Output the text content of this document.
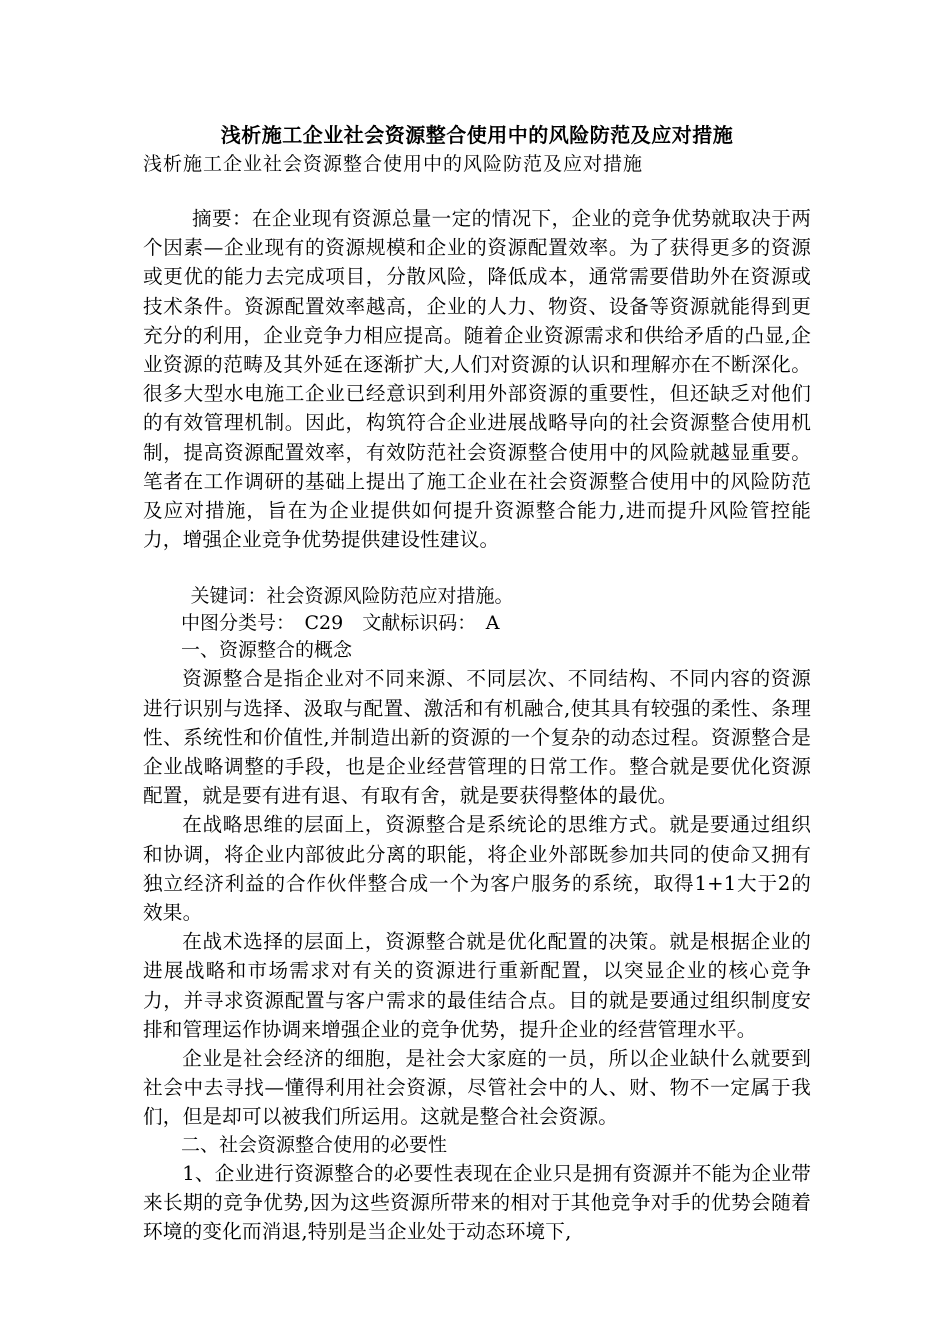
浅析施工企业社会资源整合使用中的风险防范及应对措施
浅析施工企业社会资源整合使用中的风险防范及应对措施

摘要：在企业现有资源总量一定的情况下，企业的竞争优势就取决于两个因素—企业现有的资源规模和企业的资源配置效率。为了获得更多的资源或更优的能力去完成项目，分散风险，降低成本，通常需要借助外在资源或技术条件。资源配置效率越高，企业的人力、物资、设备等资源就能得到更充分的利用，企业竞争力相应提高。随着企业资源需求和供给矛盾的凸显,企业资源的范畴及其外延在逐渐扩大,人们对资源的认识和理解亦在不断深化。很多大型水电施工企业已经意识到利用外部资源的重要性，但还缺乏对他们的有效管理机制。因此，构筑符合企业进展战略导向的社会资源整合使用机制，提高资源配置效率，有效防范社会资源整合使用中的风险就越显重要。笔者在工作调研的基础上提出了施工企业在社会资源整合使用中的风险防范及应对措施，旨在为企业提供如何提升资源整合能力,进而提升风险管控能力，增强企业竞争优势提供建设性建议。

关键词：社会资源风险防范应对措施。

中图分类号：　C29　文献标识码：　A

一、资源整合的概念

资源整合是指企业对不同来源、不同层次、不同结构、不同内容的资源进行识别与选择、汲取与配置、激活和有机融合,使其具有较强的柔性、条理性、系统性和价值性,并制造出新的资源的一个复杂的动态过程。资源整合是企业战略调整的手段，也是企业经营管理的日常工作。整合就是要优化资源配置，就是要有进有退、有取有舍，就是要获得整体的最优。

在战略思维的层面上，资源整合是系统论的思维方式。就是要通过组织和协调，将企业内部彼此分离的职能，将企业外部既参加共同的使命又拥有独立经济利益的合作伙伴整合成一个为客户服务的系统，取得1+1大于2的效果。

在战术选择的层面上，资源整合就是优化配置的决策。就是根据企业的进展战略和市场需求对有关的资源进行重新配置，以突显企业的核心竞争力，并寻求资源配置与客户需求的最佳结合点。目的就是要通过组织制度安排和管理运作协调来增强企业的竞争优势，提升企业的经营管理水平。

企业是社会经济的细胞，是社会大家庭的一员，所以企业缺什么就要到社会中去寻找—懂得利用社会资源，尽管社会中的人、财、物不一定属于我们，但是却可以被我们所运用。这就是整合社会资源。

二、社会资源整合使用的必要性

1、企业进行资源整合的必要性表现在企业只是拥有资源并不能为企业带来长期的竞争优势,因为这些资源所带来的相对于其他竞争对手的优势会随着环境的变化而消退,特别是当企业处于动态环境下,
